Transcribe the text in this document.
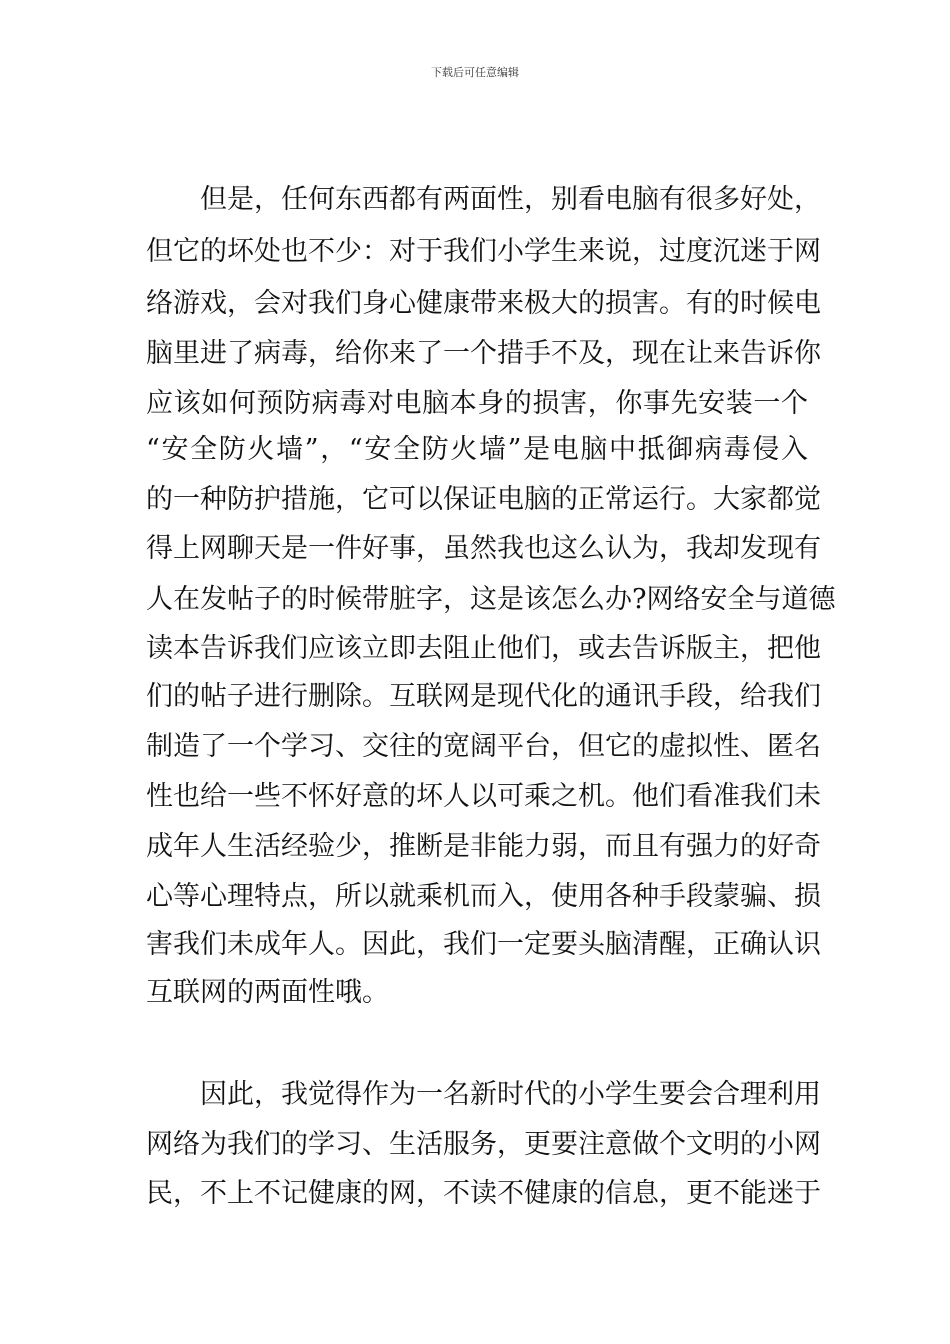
下载后可任意编辑
　　但是，任何东西都有两面性，别看电脑有很多好处，
但它的坏处也不少：对于我们小学生来说，过度沉迷于网
络游戏，会对我们身心健康带来极大的损害。有的时候电
脑里进了病毒，给你来了一个措手不及，现在让来告诉你
应该如何预防病毒对电脑本身的损害，你事先安装一个
“安全防火墙”，“安全防火墙”是电脑中抵御病毒侵入
的一种防护措施，它可以保证电脑的正常运行。大家都觉
得上网聊天是一件好事，虽然我也这么认为，我却发现有
人在发帖子的时候带脏字，这是该怎么办?网络安全与道德
读本告诉我们应该立即去阻止他们，或去告诉版主，把他
们的帖子进行删除。互联网是现代化的通讯手段，给我们
制造了一个学习、交往的宽阔平台，但它的虚拟性、匿名
性也给一些不怀好意的坏人以可乘之机。他们看准我们未
成年人生活经验少，推断是非能力弱，而且有强力的好奇
心等心理特点，所以就乘机而入，使用各种手段蒙骗、损
害我们未成年人。因此，我们一定要头脑清醒，正确认识
互联网的两面性哦。
　　因此，我觉得作为一名新时代的小学生要会合理利用
网络为我们的学习、生活服务，更要注意做个文明的小网
民，不上不记健康的网，不读不健康的信息，更不能迷于
